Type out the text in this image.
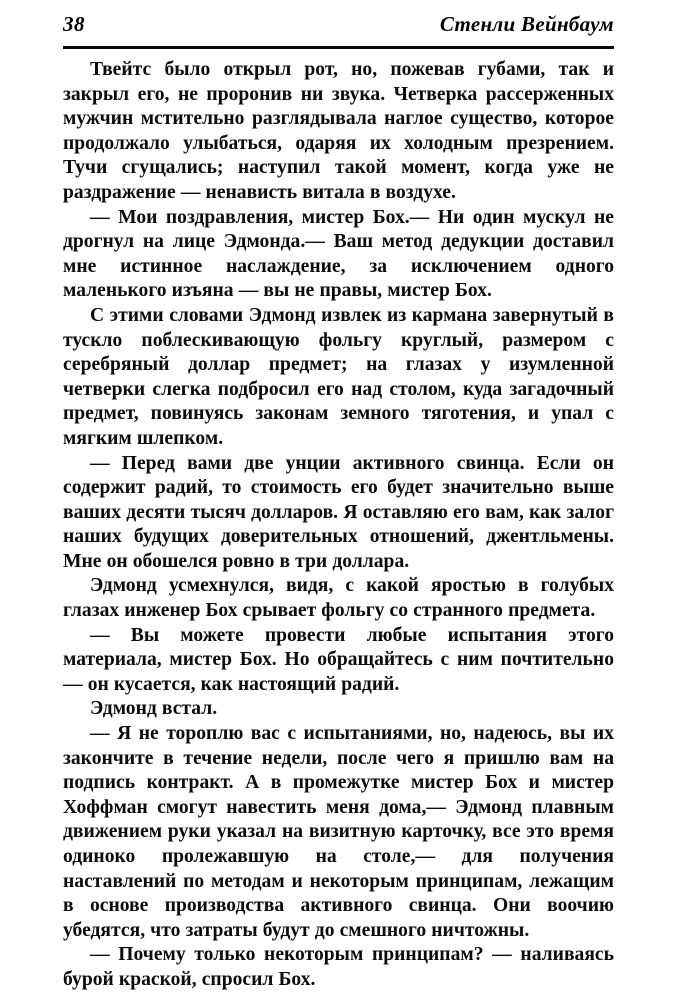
38	Стенли Вейнбаум

Твейтс было открыл рот, но, пожевав губами, так и закрыл его, не проронив ни звука. Четверка рассерженных мужчин мстительно разглядывала наглое существо, которое продолжало улыбаться, одаряя их холодным презрением. Тучи сгущались; наступил такой момент, когда уже не раздражение — ненависть витала в воздухе.

— Мои поздравления, мистер Бох.— Ни один мускул не дрогнул на лице Эдмонда.— Ваш метод дедукции доставил мне истинное наслаждение, за исключением одного маленького изъяна — вы не правы, мистер Бох.

С этими словами Эдмонд извлек из кармана завернутый в тускло поблескивающую фольгу круглый, размером с серебряный доллар предмет; на глазах у изумленной четверки слегка подбросил его над столом, куда загадочный предмет, повинуясь законам земного тяготения, и упал с мягким шлепком.

— Перед вами две унции активного свинца. Если он содержит радий, то стоимость его будет значительно выше ваших десяти тысяч долларов. Я оставляю его вам, как залог наших будущих доверительных отношений, джентльмены. Мне он обошелся ровно в три доллара.

Эдмонд усмехнулся, видя, с какой яростью в голубых глазах инженер Бох срывает фольгу со странного предмета.

— Вы можете провести любые испытания этого материала, мистер Бох. Но обращайтесь с ним почтительно — он кусается, как настоящий радий.

Эдмонд встал.

— Я не тороплю вас с испытаниями, но, надеюсь, вы их закончите в течение недели, после чего я пришлю вам на подпись контракт. А в промежутке мистер Бох и мистер Хоффман смогут навестить меня дома,— Эдмонд плавным движением руки указал на визитную карточку, все это время одиноко пролежавшую на столе,— для получения наставлений по методам и некоторым принципам, лежащим в основе производства активного свинца. Они воочию убедятся, что затраты будут до смешного ничтожны.

— Почему только некоторым принципам? — наливаясь бурой краской, спросил Бох.
